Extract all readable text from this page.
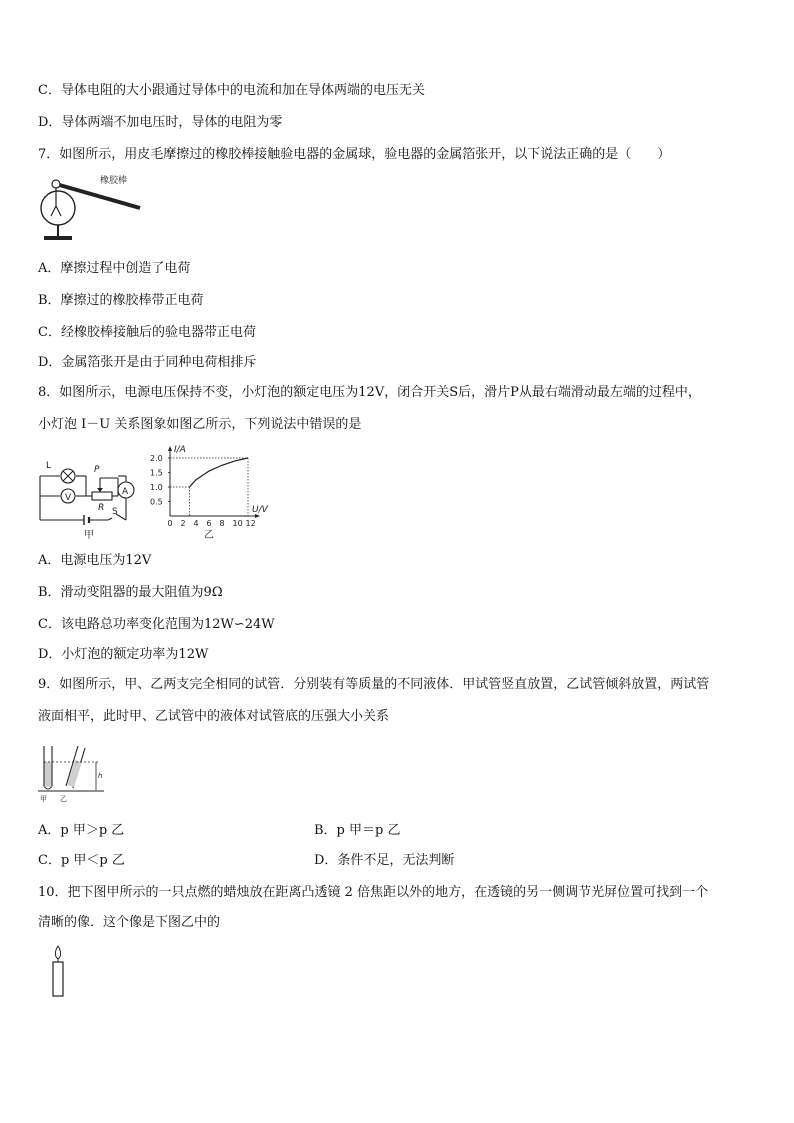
C．导体电阻的大小跟通过导体中的电流和加在导体两端的电压无关
D．导体两端不加电压时，导体的电阻为零
7．如图所示，用皮毛摩擦过的橡胶棒接触验电器的金属球，验电器的金属箔张开，以下说法正确的是（　　）
橡胶棒
A．摩擦过程中创造了电荷
B．摩擦过的橡胶棒带正电荷
C．经橡胶棒接触后的验电器带正电荷
D．金属箔张开是由于同种电荷相排斥
8．如图所示，电源电压保持不变，小灯泡的额定电压为12V，闭合开关S后，滑片P从最右端滑动最左端的过程中，
小灯泡 I－U 关系图象如图乙所示，下列说法中错误的是
V
A
L	P
R S
甲
0 2 4 6 8 10 12
0.5
1.0
1.5
2.0
I/A
U/V
乙
A．电源电压为12V
B．滑动变阻器的最大阻值为9Ω
C．该电路总功率变化范围为12W∽24W
D．小灯泡的额定功率为12W
9．如图所示，甲、乙两支完全相同的试管．分别装有等质量的不同液体．甲试管竖直放置，乙试管倾斜放置，两试管
液面相平，此时甲、乙试管中的液体对试管底的压强大小关系
h
甲 乙
A．p 甲＞p 乙	B．p 甲＝p 乙
C．p 甲＜p 乙	D．条件不足，无法判断
10．把下图甲所示的一只点燃的蜡烛放在距离凸透镜 2 倍焦距以外的地方，在透镜的另一侧调节光屏位置可找到一个
清晰的像．这个像是下图乙中的
